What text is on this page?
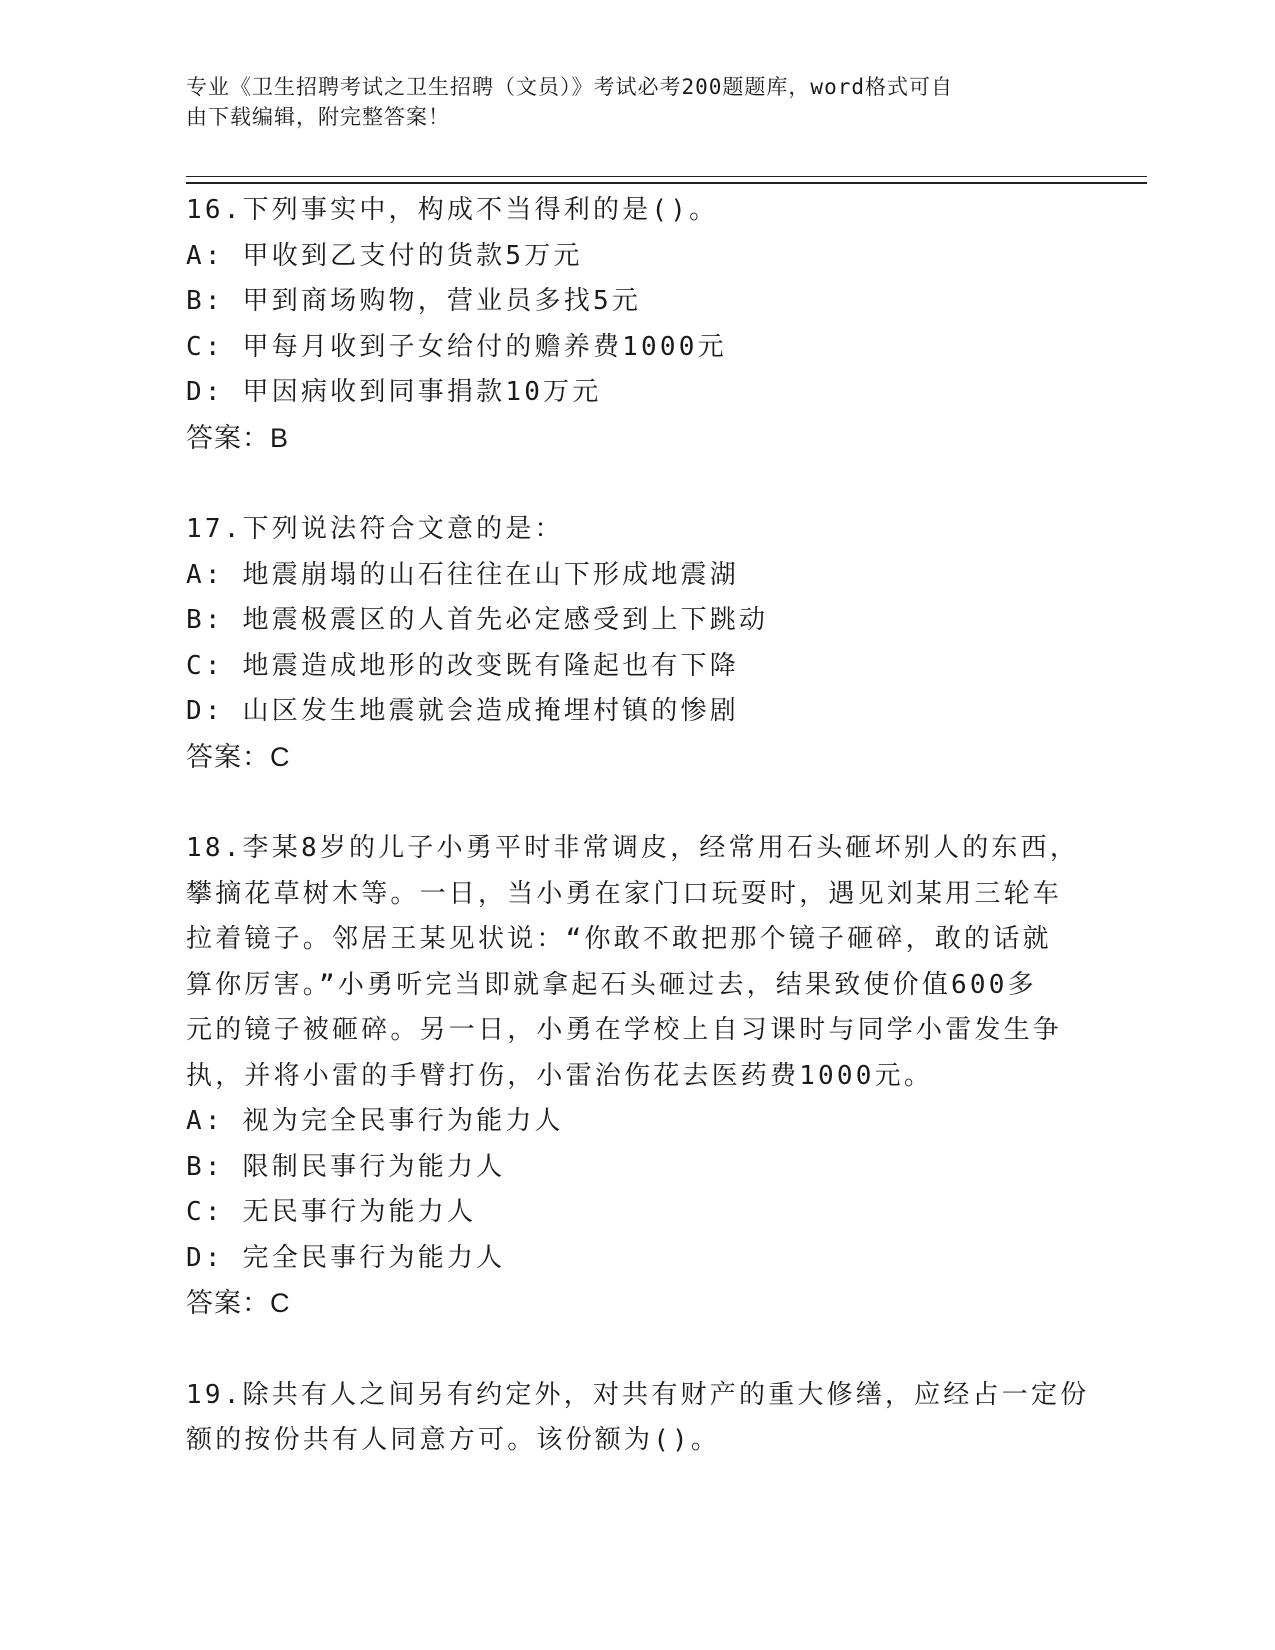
专业《卫生招聘考试之卫生招聘（文员）》考试必考200题题库，word格式可自
由下载编辑，附完整答案！
16.下列事实中，构成不当得利的是()。
A: 甲收到乙支付的货款5万元
B: 甲到商场购物，营业员多找5元
C: 甲每月收到子女给付的赡养费1000元
D: 甲因病收到同事捐款10万元
答案：B
17.下列说法符合文意的是：
A: 地震崩塌的山石往往在山下形成地震湖
B: 地震极震区的人首先必定感受到上下跳动
C: 地震造成地形的改变既有隆起也有下降
D: 山区发生地震就会造成掩埋村镇的惨剧
答案：C
18.李某8岁的儿子小勇平时非常调皮，经常用石头砸坏别人的东西，
攀摘花草树木等。一日，当小勇在家门口玩耍时，遇见刘某用三轮车
拉着镜子。邻居王某见状说：“你敢不敢把那个镜子砸碎，敢的话就
算你厉害。”小勇听完当即就拿起石头砸过去，结果致使价值600多
元的镜子被砸碎。另一日，小勇在学校上自习课时与同学小雷发生争
执，并将小雷的手臂打伤，小雷治伤花去医药费1000元。
A: 视为完全民事行为能力人
B: 限制民事行为能力人
C: 无民事行为能力人
D: 完全民事行为能力人
答案：C
19.除共有人之间另有约定外，对共有财产的重大修缮，应经占一定份
额的按份共有人同意方可。该份额为()。
